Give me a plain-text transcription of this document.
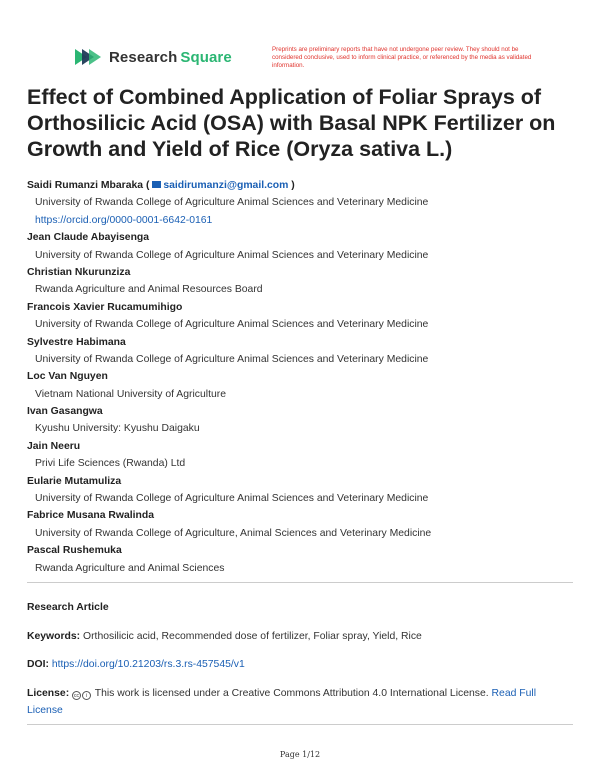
Research Square	Preprints are preliminary reports that have not undergone peer review. They should not be considered conclusive, used to inform clinical practice, or referenced by the media as validated information.
Effect of Combined Application of Foliar Sprays of Orthosilicic Acid (OSA) with Basal NPK Fertilizer on Growth and Yield of Rice (Oryza sativa L.)
Saidi Rumanzi Mbaraka ( saidirumanzi@gmail.com )
University of Rwanda College of Agriculture Animal Sciences and Veterinary Medicine
https://orcid.org/0000-0001-6642-0161
Jean Claude Abayisenga
University of Rwanda College of Agriculture Animal Sciences and Veterinary Medicine
Christian Nkurunziza
Rwanda Agriculture and Animal Resources Board
Francois Xavier Rucamumihigo
University of Rwanda College of Agriculture Animal Sciences and Veterinary Medicine
Sylvestre Habimana
University of Rwanda College of Agriculture Animal Sciences and Veterinary Medicine
Loc Van Nguyen
Vietnam National University of Agriculture
Ivan Gasangwa
Kyushu University: Kyushu Daigaku
Jain Neeru
Privi Life Sciences (Rwanda) Ltd
Eularie Mutamuliza
University of Rwanda College of Agriculture Animal Sciences and Veterinary Medicine
Fabrice Musana Rwalinda
University of Rwanda College of Agriculture, Animal Sciences and Veterinary Medicine
Pascal Rushemuka
Rwanda Agriculture and Animal Sciences
Research Article
Keywords: Orthosilicic acid, Recommended dose of fertilizer, Foliar spray, Yield, Rice
DOI: https://doi.org/10.21203/rs.3.rs-457545/v1
License: cc i This work is licensed under a Creative Commons Attribution 4.0 International License. Read Full License
Page 1/12
